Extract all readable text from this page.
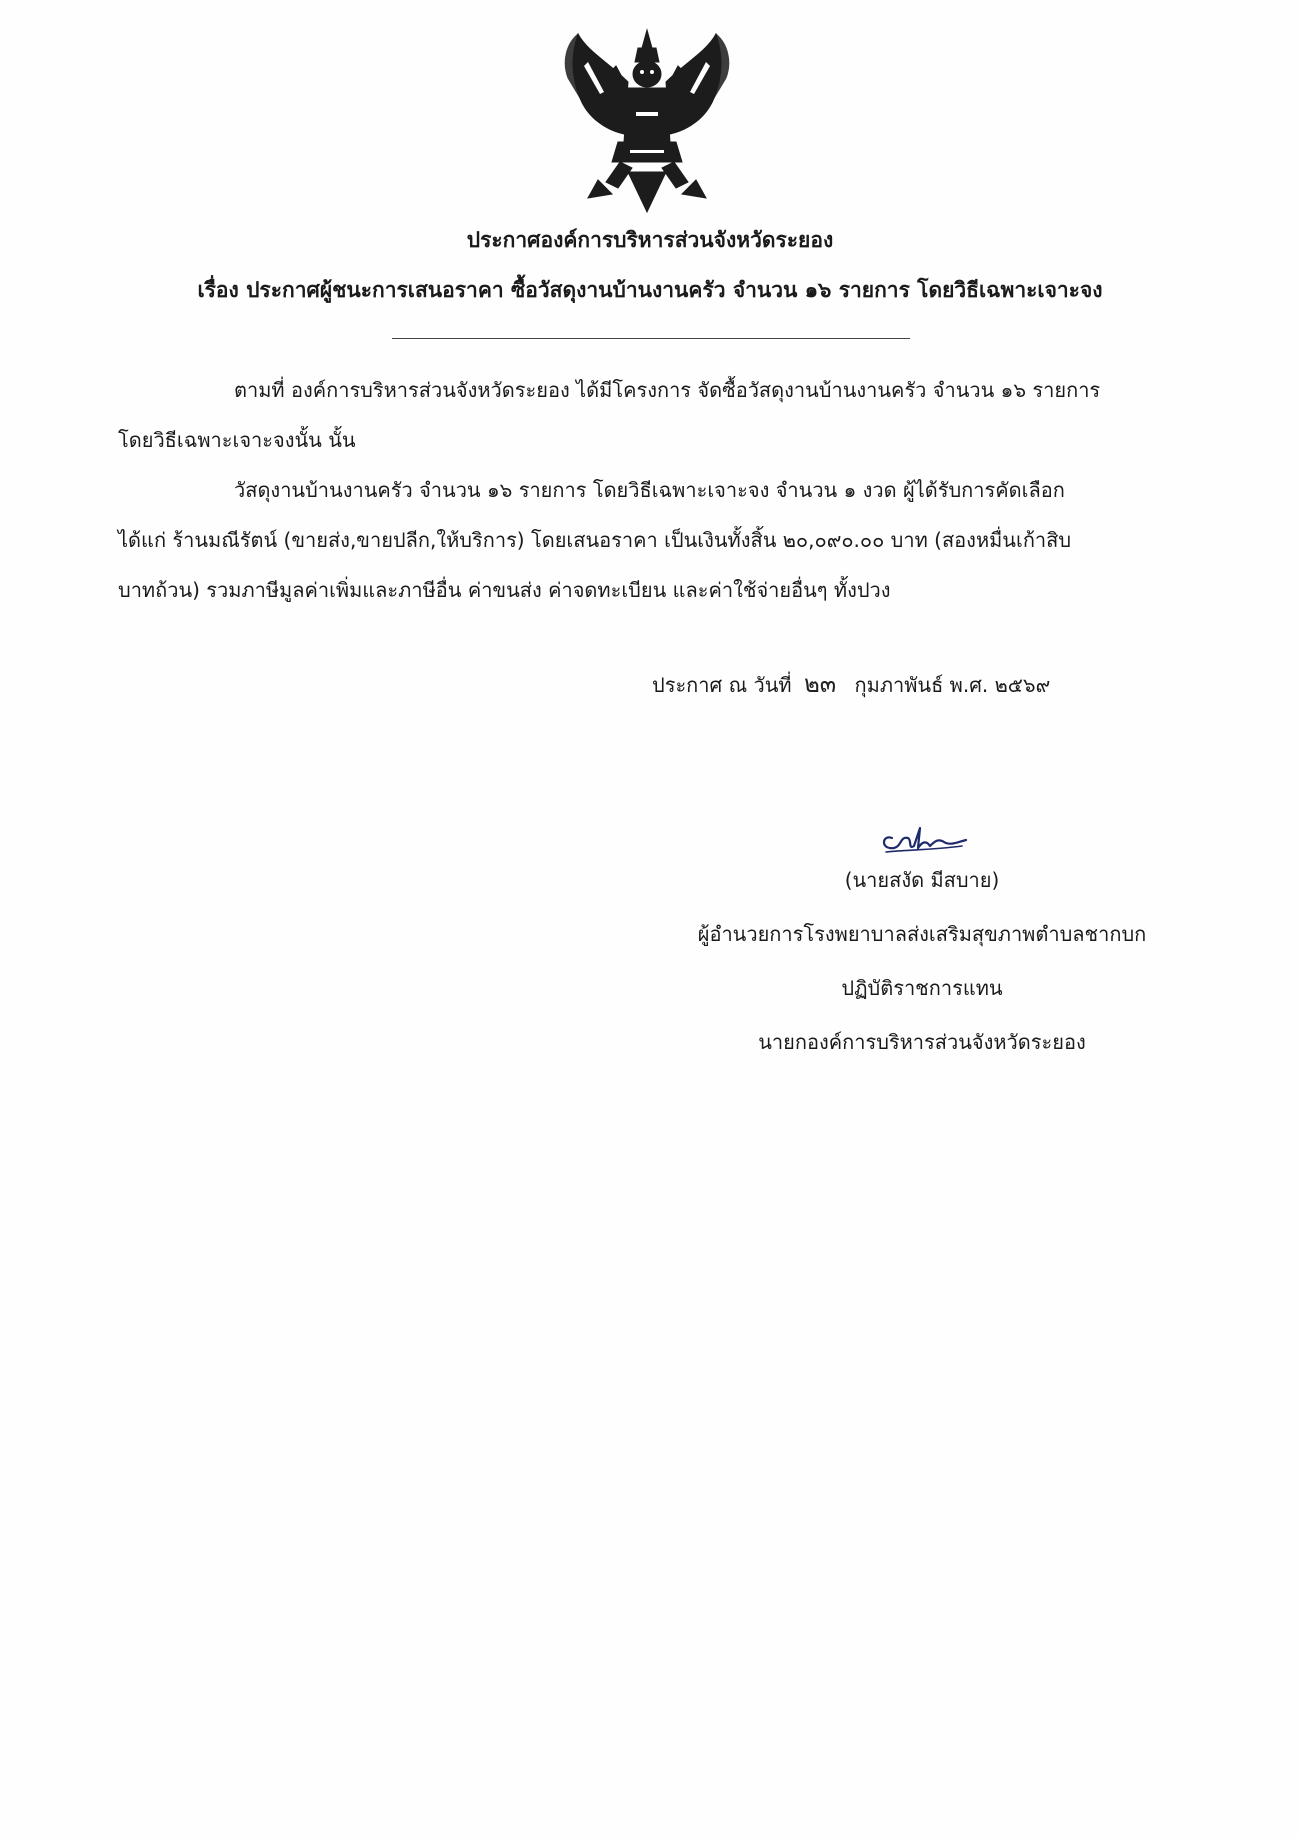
ประกาศองค์การบริหารส่วนจังหวัดระยอง
เรื่อง ประกาศผู้ชนะการเสนอราคา ซื้อวัสดุงานบ้านงานครัว จำนวน ๑๖ รายการ โดยวิธีเฉพาะเจาะจง
ตามที่ องค์การบริหารส่วนจังหวัดระยอง ได้มีโครงการ จัดซื้อวัสดุงานบ้านงานครัว จำนวน ๑๖ รายการ
โดยวิธีเฉพาะเจาะจงนั้น นั้น
วัสดุงานบ้านงานครัว จำนวน ๑๖ รายการ โดยวิธีเฉพาะเจาะจง จำนวน ๑ งวด ผู้ได้รับการคัดเลือก
ได้แก่ ร้านมณีรัตน์ (ขายส่ง,ขายปลีก,ให้บริการ) โดยเสนอราคา เป็นเงินทั้งสิ้น ๒๐,๐๙๐.๐๐ บาท (สองหมื่นเก้าสิบ
บาทถ้วน) รวมภาษีมูลค่าเพิ่มและภาษีอื่น ค่าขนส่ง ค่าจดทะเบียน และค่าใช้จ่ายอื่นๆ ทั้งปวง
ประกาศ ณ วันที่ ๒๓ กุมภาพันธ์ พ.ศ. ๒๕๖๙
(นายสงัด มีสบาย)
ผู้อำนวยการโรงพยาบาลส่งเสริมสุขภาพตำบลชากบก
ปฏิบัติราชการแทน
นายกองค์การบริหารส่วนจังหวัดระยอง
